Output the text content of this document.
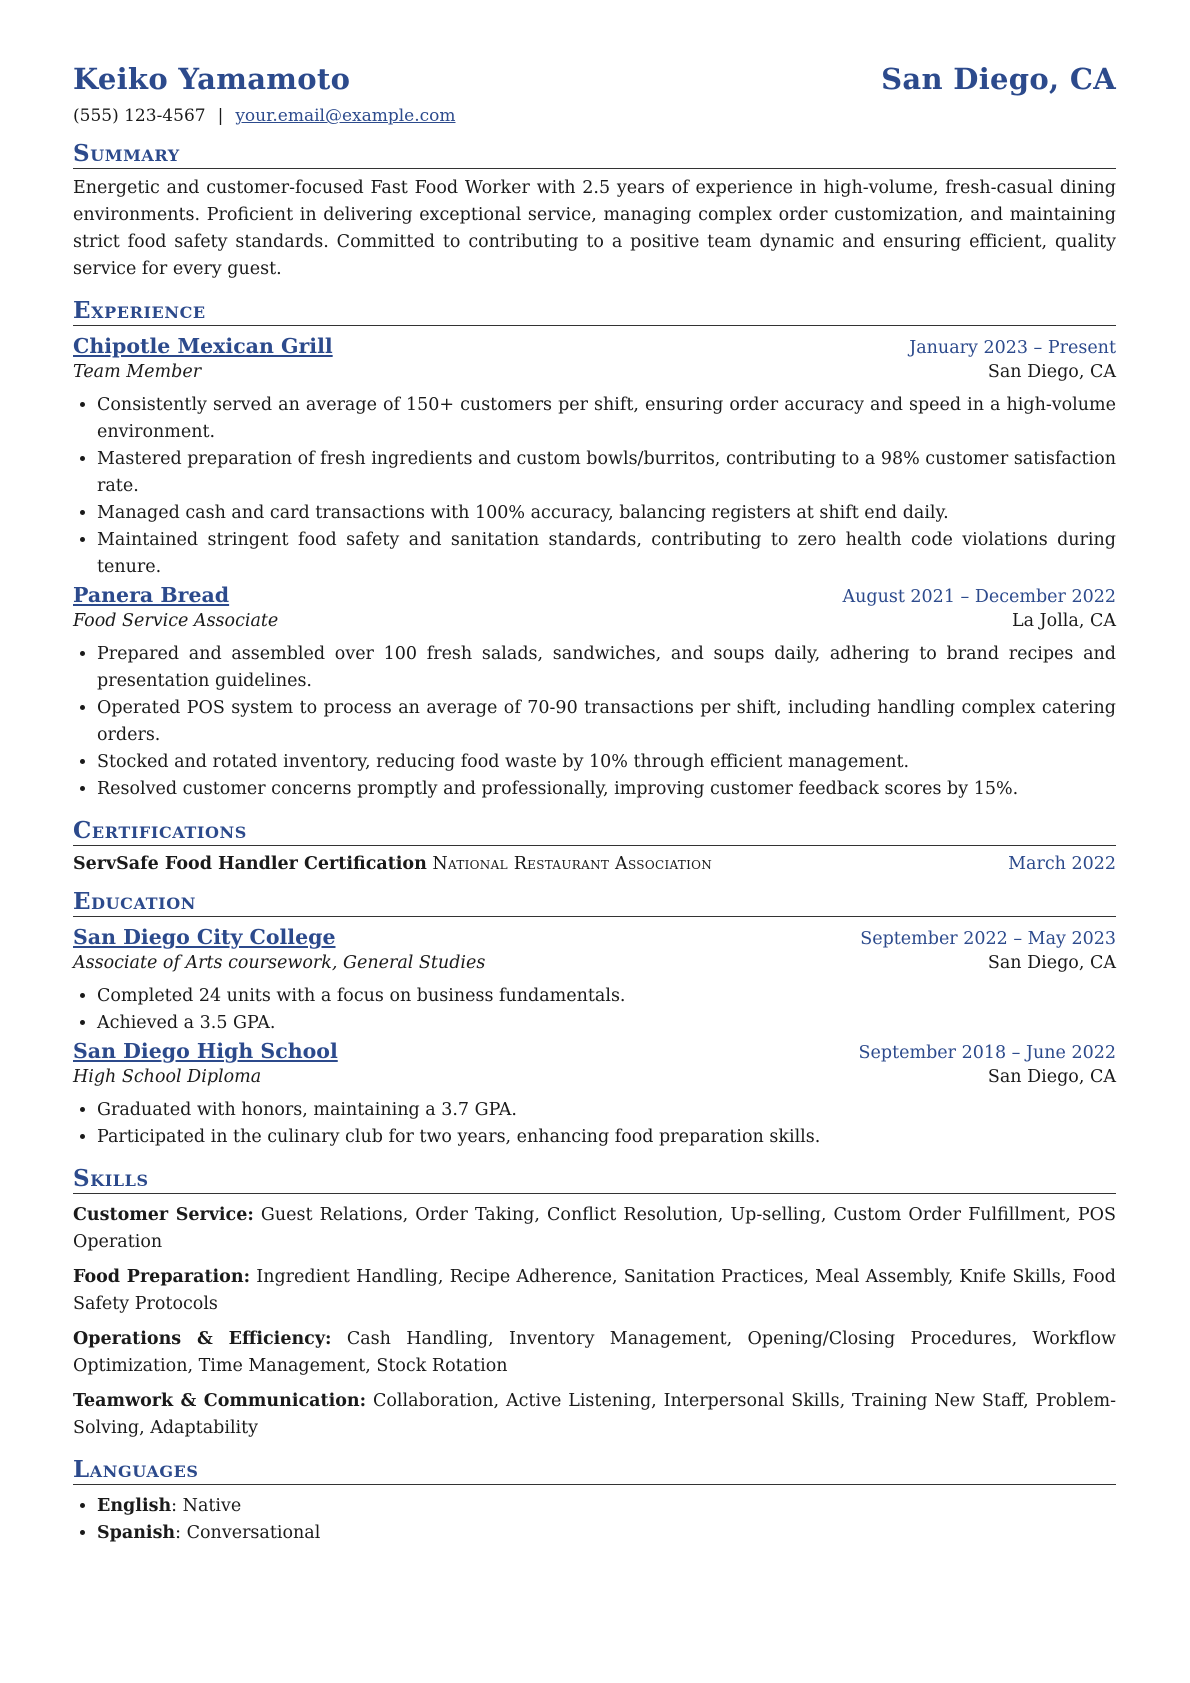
Keiko Yamamoto	San Diego, CA
(555) 123-4567 | your.email@example.com
Summary

Energetic and customer-focused Fast Food Worker with 2.5 years of experience in high-volume, fresh-casual dining environments. Proficient in delivering exceptional service, managing complex order customization, and maintaining strict food safety standards. Committed to contributing to a positive team dynamic and ensuring efficient, quality service for every guest.

Experience
Chipotle Mexican Grill	January 2023 – Present
Team Member	San Diego, CA
• Consistently served an average of 150+ customers per shift, ensuring order accuracy and speed in a high-volume environment.
• Mastered preparation of fresh ingredients and custom bowls/burritos, contributing to a 98% customer satisfaction rate.
• Managed cash and card transactions with 100% accuracy, balancing registers at shift end daily.
• Maintained stringent food safety and sanitation standards, contributing to zero health code violations during tenure.
Panera Bread	August 2021 – December 2022
Food Service Associate	La Jolla, CA
• Prepared and assembled over 100 fresh salads, sandwiches, and soups daily, adhering to brand recipes and presentation guidelines.
• Operated POS system to process an average of 70-90 transactions per shift, including handling complex catering orders.
• Stocked and rotated inventory, reducing food waste by 10% through efficient management.
• Resolved customer concerns promptly and professionally, improving customer feedback scores by 15%.
Certifications
ServSafe Food Handler Certification National Restaurant Association	March 2022
Education
San Diego City College	September 2022 – May 2023
Associate of Arts coursework, General Studies	San Diego, CA
• Completed 24 units with a focus on business fundamentals.
• Achieved a 3.5 GPA.
San Diego High School	September 2018 – June 2022
High School Diploma	San Diego, CA
• Graduated with honors, maintaining a 3.7 GPA.
• Participated in the culinary club for two years, enhancing food preparation skills.
Skills

Customer Service: Guest Relations, Order Taking, Conflict Resolution, Up-selling, Custom Order Fulfillment, POS Operation

Food Preparation: Ingredient Handling, Recipe Adherence, Sanitation Practices, Meal Assembly, Knife Skills, Food Safety Protocols

Operations & Efficiency: Cash Handling, Inventory Management, Opening/Closing Procedures, Workflow Optimization, Time Management, Stock Rotation

Teamwork & Communication: Collaboration, Active Listening, Interpersonal Skills, Training New Staff, Problem-Solving, Adaptability

Languages
• English: Native
• Spanish: Conversational
